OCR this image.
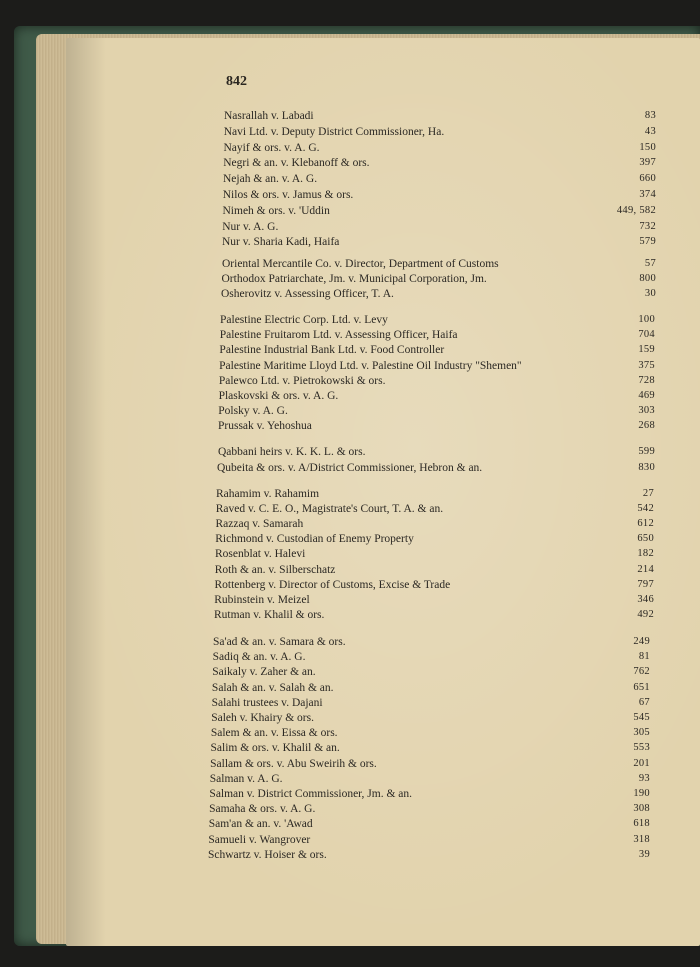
842
Nasrallah v. Labadi	83
Navi Ltd. v. Deputy District Commissioner, Ha.	43
Nayif & ors. v. A. G.	150
Negri & an. v. Klebanoff & ors.	397
Nejah & an. v. A. G.	660
Nilos & ors. v. Jamus & ors.	374
Nimeh & ors. v. 'Uddin	449, 582
Nur v. A. G.	732
Nur v. Sharia Kadi, Haifa	579
Oriental Mercantile Co. v. Director, Department of Customs	57
Orthodox Patriarchate, Jm. v. Municipal Corporation, Jm.	800
Osherovitz v. Assessing Officer, T. A.	30
Palestine Electric Corp. Ltd. v. Levy	100
Palestine Fruitarom Ltd. v. Assessing Officer, Haifa	704
Palestine Industrial Bank Ltd. v. Food Controller	159
Palestine Maritime Lloyd Ltd. v. Palestine Oil Industry "Shemen"	375
Palewco Ltd. v. Pietrokowski & ors.	728
Plaskovski & ors. v. A. G.	469
Polsky v. A. G.	303
Prussak v. Yehoshua	268
Qabbani heirs v. K. K. L. & ors.	599
Qubeita & ors. v. A/District Commissioner, Hebron & an.	830
Rahamim v. Rahamim	27
Raved v. C. E. O., Magistrate's Court, T. A. & an.	542
Razzaq v. Samarah	612
Richmond v. Custodian of Enemy Property	650
Rosenblat v. Halevi	182
Roth & an. v. Silberschatz	214
Rottenberg v. Director of Customs, Excise & Trade	797
Rubinstein v. Meizel	346
Rutman v. Khalil & ors.	492
Sa'ad & an. v. Samara & ors.	249
Sadiq & an. v. A. G.	81
Saikaly v. Zaher & an.	762
Salah & an. v. Salah & an.	651
Salahi trustees v. Dajani	67
Saleh v. Khairy & ors.	545
Salem & an. v. Eissa & ors.	305
Salim & ors. v. Khalil & an.	553
Sallam & ors. v. Abu Sweirih & ors.	201
Salman v. A. G.	93
Salman v. District Commissioner, Jm. & an.	190
Samaha & ors. v. A. G.	308
Sam'an & an. v. 'Awad	618
Samueli v. Wangrover	318
Schwartz v. Hoiser & ors.	39
